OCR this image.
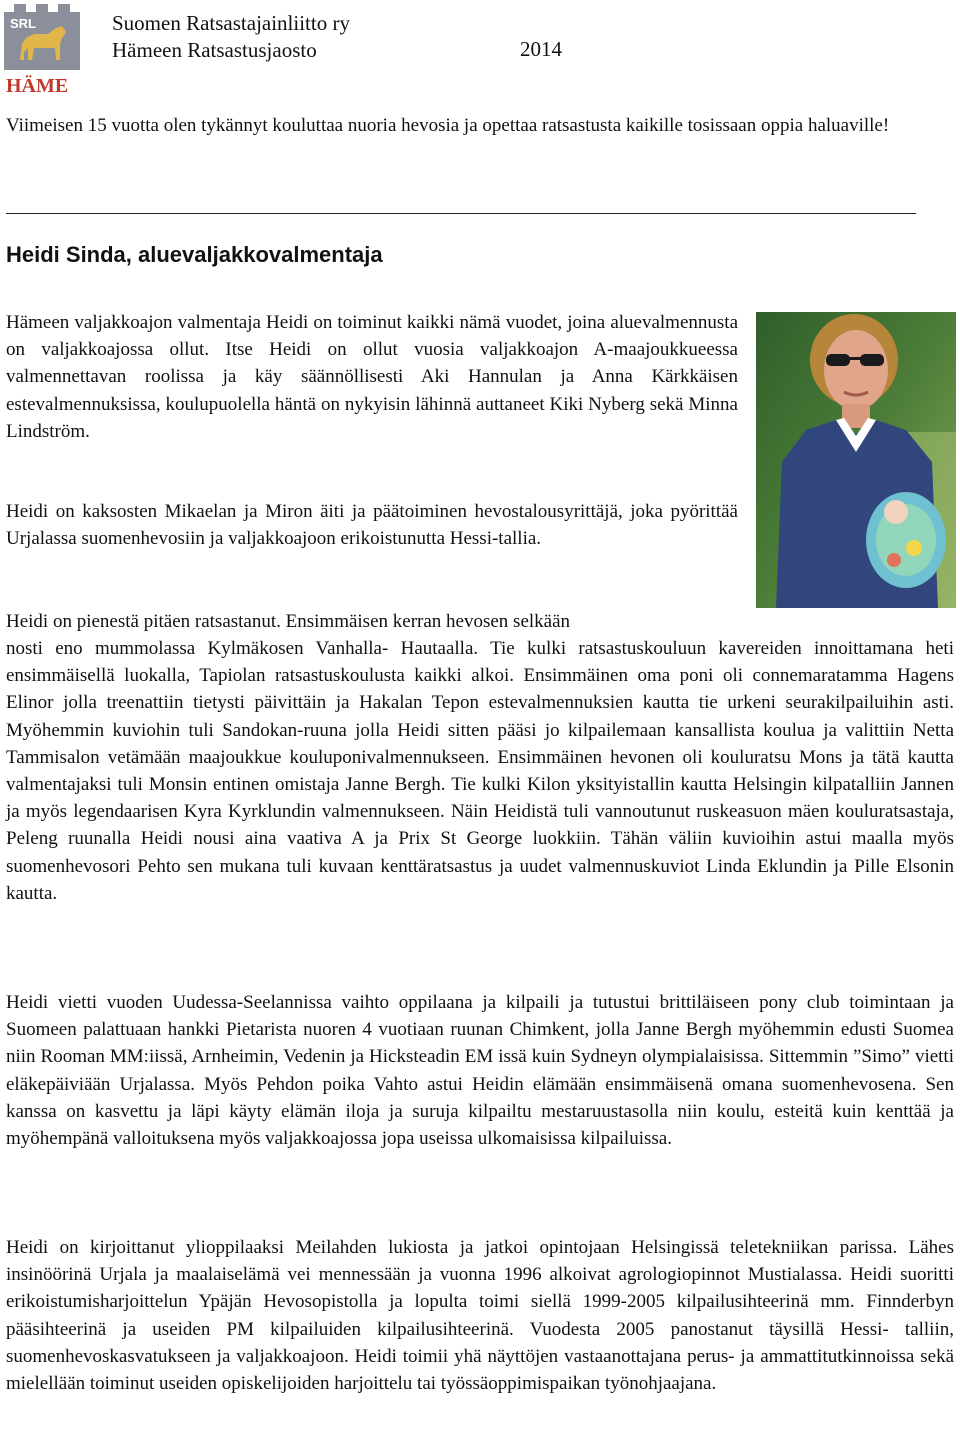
SRL
HÄME
Suomen Ratsastajainliitto ry
Hämeen Ratsastusjaosto	2014

Viimeisen 15 vuotta olen tykännyt kouluttaa nuoria hevosia ja opettaa ratsastusta kaikille tosissaan oppia haluaville!

Heidi Sinda, aluevaljakkovalmentaja

Hämeen valjakkoajon valmentaja Heidi on toiminut kaikki nämä vuodet, joina aluevalmennusta on valjakkoajossa ollut. Itse Heidi on ollut vuosia valjakkoajon A-maajoukkueessa valmennettavan roolissa ja käy säännöllisesti Aki Hannulan ja Anna Kärkkäisen estevalmennuksissa, koulupuolella häntä on nykyisin lähinnä auttaneet Kiki Nyberg sekä Minna Lindström.

Heidi on kaksosten Mikaelan ja Miron äiti ja päätoiminen hevostalousyrittäjä, joka pyörittää Urjalassa suomenhevosiin ja valjakkoajoon erikoistunutta Hessi-tallia.

Heidi on pienestä pitäen ratsastanut. Ensimmäisen kerran hevosen selkään

nosti eno mummolassa Kylmäkosen Vanhalla- Hautaalla. Tie kulki ratsastuskouluun kavereiden innoittamana heti ensimmäisellä luokalla, Tapiolan ratsastuskoulusta kaikki alkoi. Ensimmäinen oma poni oli connemaratamma Hagens Elinor jolla treenattiin tietysti päivittäin ja Hakalan Tepon estevalmennuksien kautta tie urkeni seurakilpailuihin asti. Myöhemmin kuviohin tuli Sandokan-ruuna jolla Heidi sitten pääsi jo kilpailemaan kansallista koulua ja valittiin Netta Tammisalon vetämään maajoukkue kouluponivalmennukseen. Ensimmäinen hevonen oli kouluratsu Mons ja tätä kautta valmentajaksi tuli Monsin entinen omistaja Janne Bergh. Tie kulki Kilon yksityistallin kautta Helsingin kilpatalliin Jannen ja myös legendaarisen Kyra Kyrklundin valmennukseen. Näin Heidistä tuli vannoutunut ruskeasuon mäen kouluratsastaja, Peleng ruunalla Heidi nousi aina vaativa A ja Prix St George luokkiin. Tähän väliin kuvioihin astui maalla myös suomenhevosori Pehto sen mukana tuli kuvaan kenttäratsastus ja uudet valmennuskuviot Linda Eklundin ja Pille Elsonin kautta.

Heidi vietti vuoden Uudessa-Seelannissa vaihto oppilaana ja kilpaili ja tutustui brittiläiseen pony club toimintaan ja Suomeen palattuaan hankki Pietarista nuoren 4 vuotiaan ruunan Chimkent, jolla Janne Bergh myöhemmin edusti Suomea niin Rooman MM:iissä, Arnheimin, Vedenin ja Hicksteadin EM issä kuin Sydneyn olympialaisissa. Sittemmin ”Simo” vietti eläkepäiviään Urjalassa. Myös Pehdon poika Vahto astui Heidin elämään ensimmäisenä omana suomenhevosena. Sen kanssa on kasvettu ja läpi käyty elämän iloja ja suruja kilpailtu mestaruustasolla niin koulu, esteitä kuin kenttää ja myöhempänä valloituksena myös valjakkoajossa jopa useissa ulkomaisissa kilpailuissa.

Heidi on kirjoittanut ylioppilaaksi Meilahden lukiosta ja jatkoi opintojaan Helsingissä teletekniikan parissa. Lähes insinöörinä Urjala ja maalaiselämä vei mennessään ja vuonna 1996 alkoivat agrologiopinnot Mustialassa. Heidi suoritti erikoistumisharjoittelun Ypäjän Hevosopistolla ja lopulta toimi siellä 1999-2005 kilpailusihteerinä mm. Finnderbyn pääsihteerinä ja useiden PM kilpailuiden kilpailusihteerinä. Vuodesta 2005 panostanut täysillä Hessi- talliin, suomenhevoskasvatukseen ja valjakkoajoon. Heidi toimii yhä näyttöjen vastaanottajana perus- ja ammattitutkinnoissa sekä mielellään toiminut useiden opiskelijoiden harjoittelu tai työssäoppimispaikan työnohjaajana.
